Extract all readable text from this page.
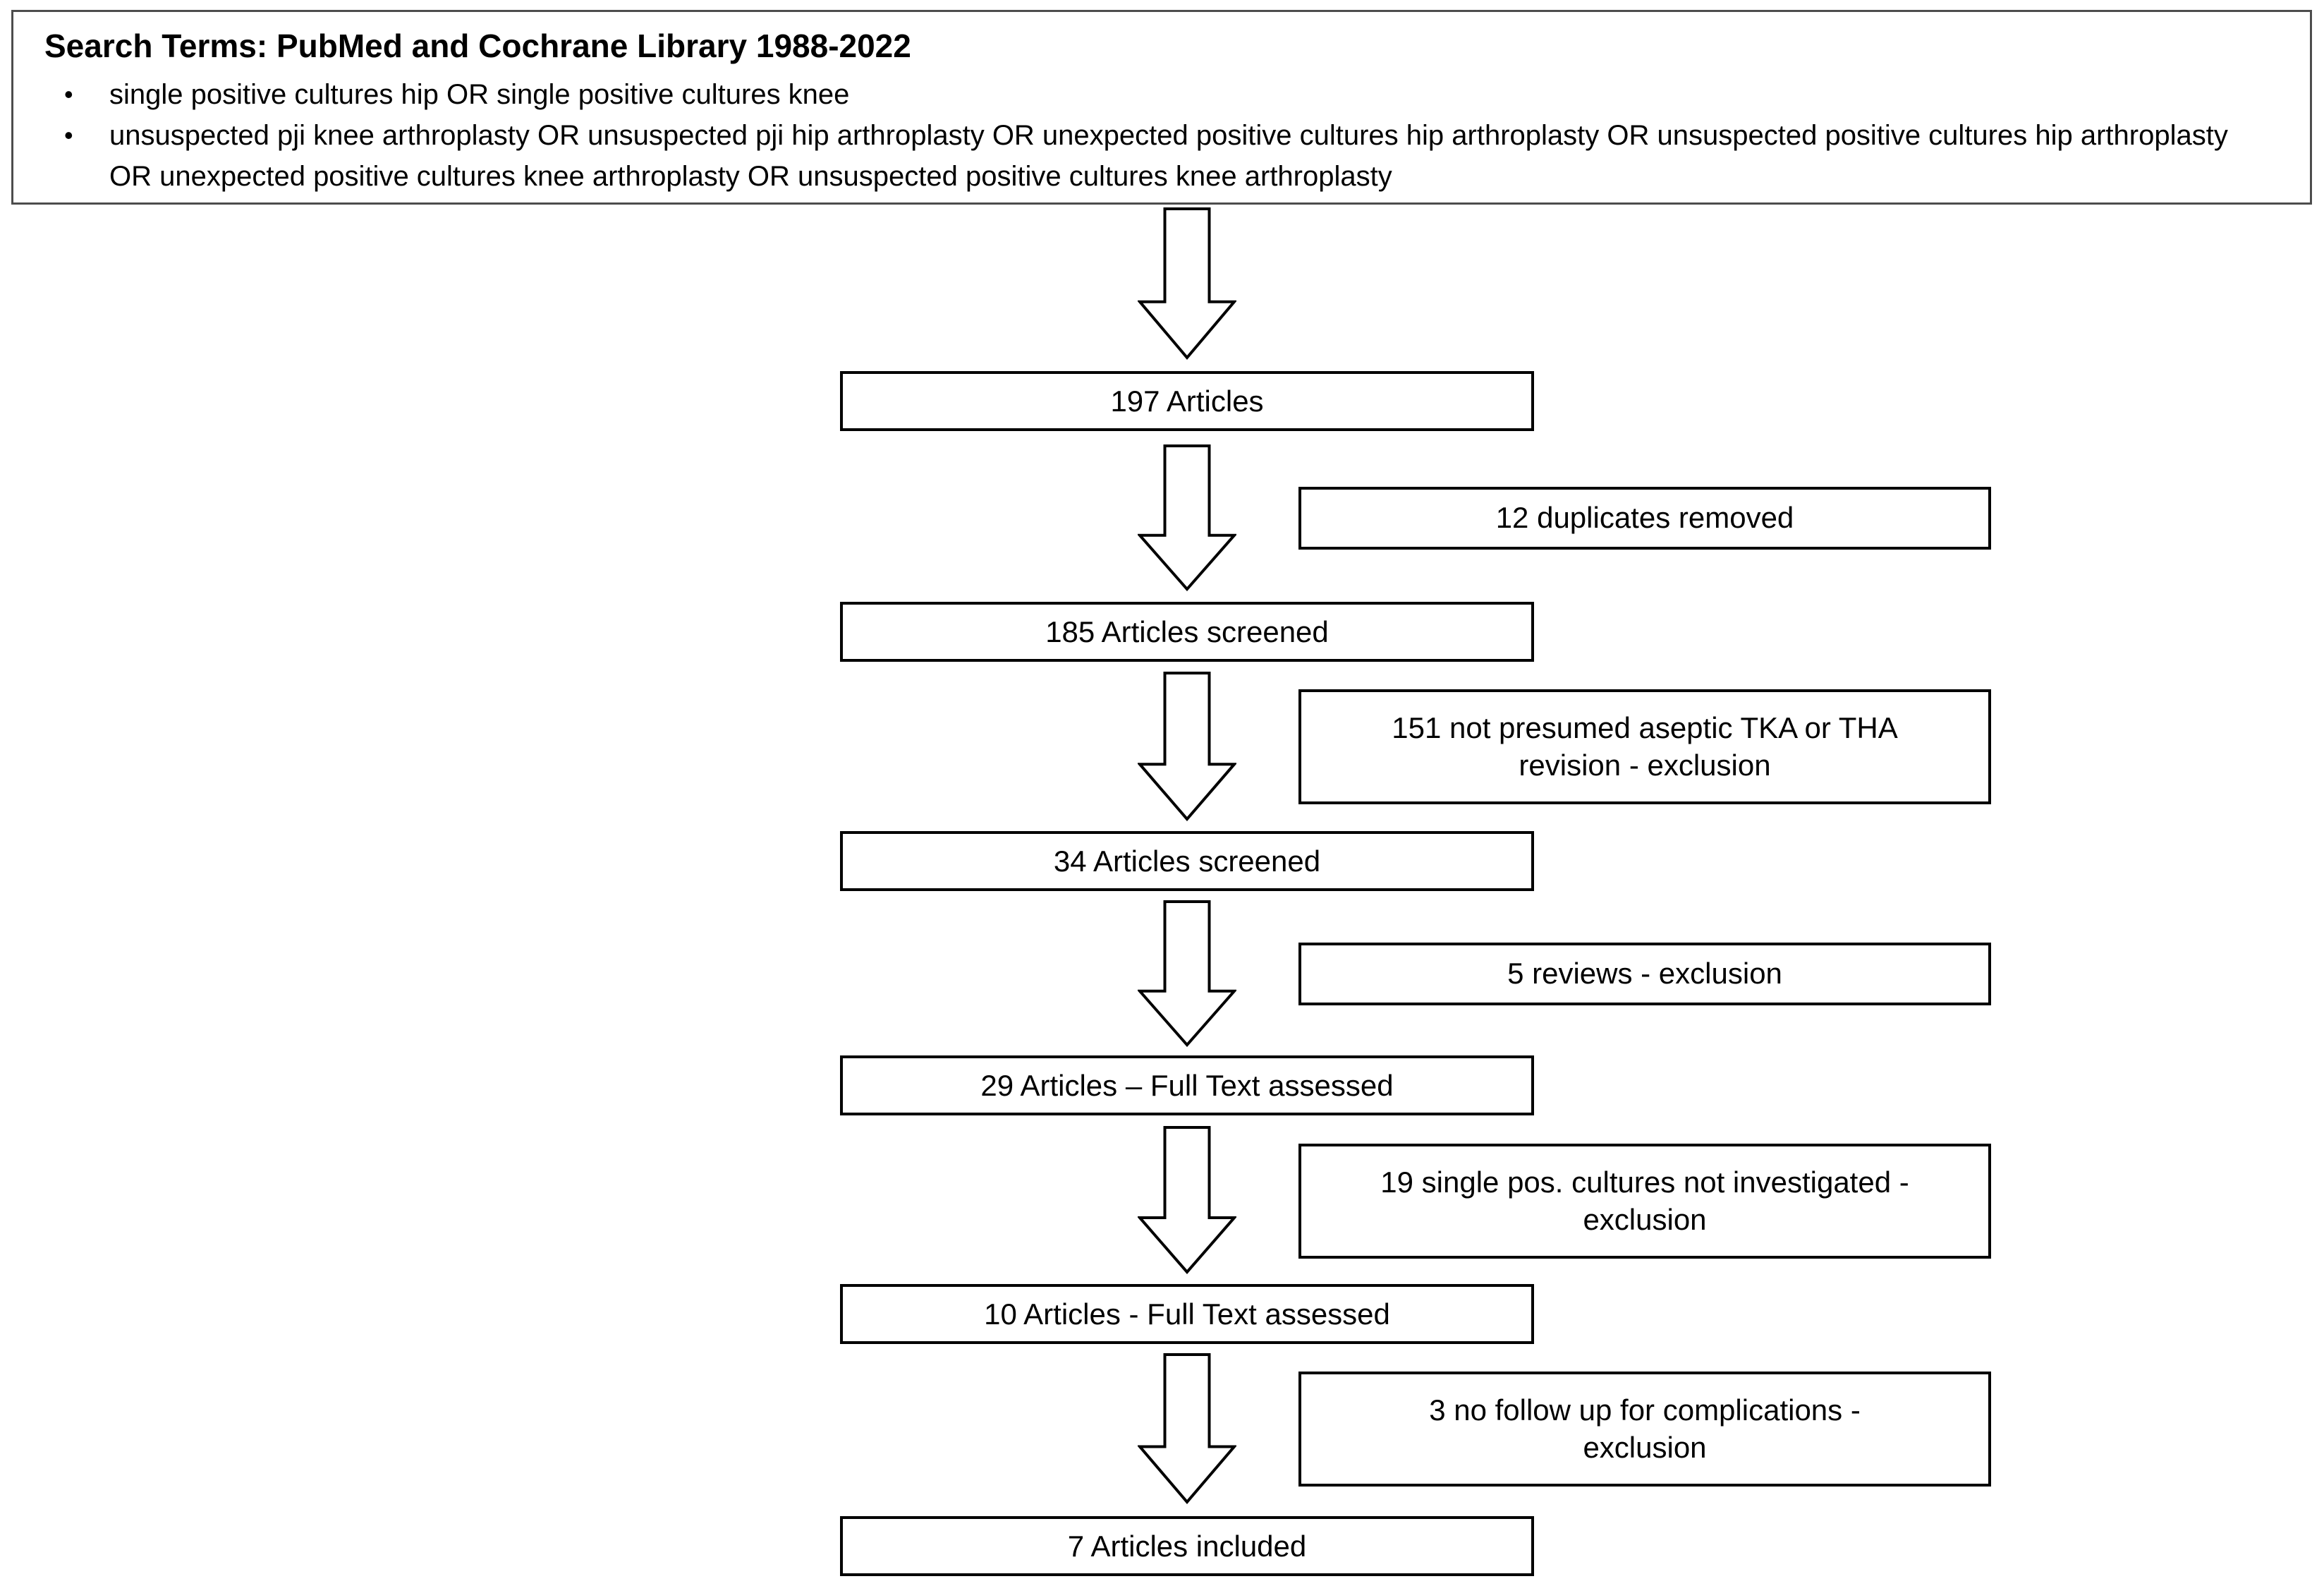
Search Terms: PubMed and Cochrane Library 1988-2022
•	single positive cultures hip OR single positive cultures knee
•	unsuspected pji knee arthroplasty OR unsuspected pji hip arthroplasty OR unexpected positive cultures hip arthroplasty OR unsuspected positive cultures hip arthroplasty OR unexpected positive cultures knee arthroplasty OR unsuspected positive cultures knee arthroplasty
197 Articles
12 duplicates removed
185 Articles screened
151 not presumed aseptic TKA or THA revision - exclusion
34 Articles screened
5 reviews - exclusion
29 Articles – Full Text assessed
19 single pos. cultures not investigated - exclusion
10 Articles - Full Text assessed
3 no follow up for complications - exclusion
7 Articles included
